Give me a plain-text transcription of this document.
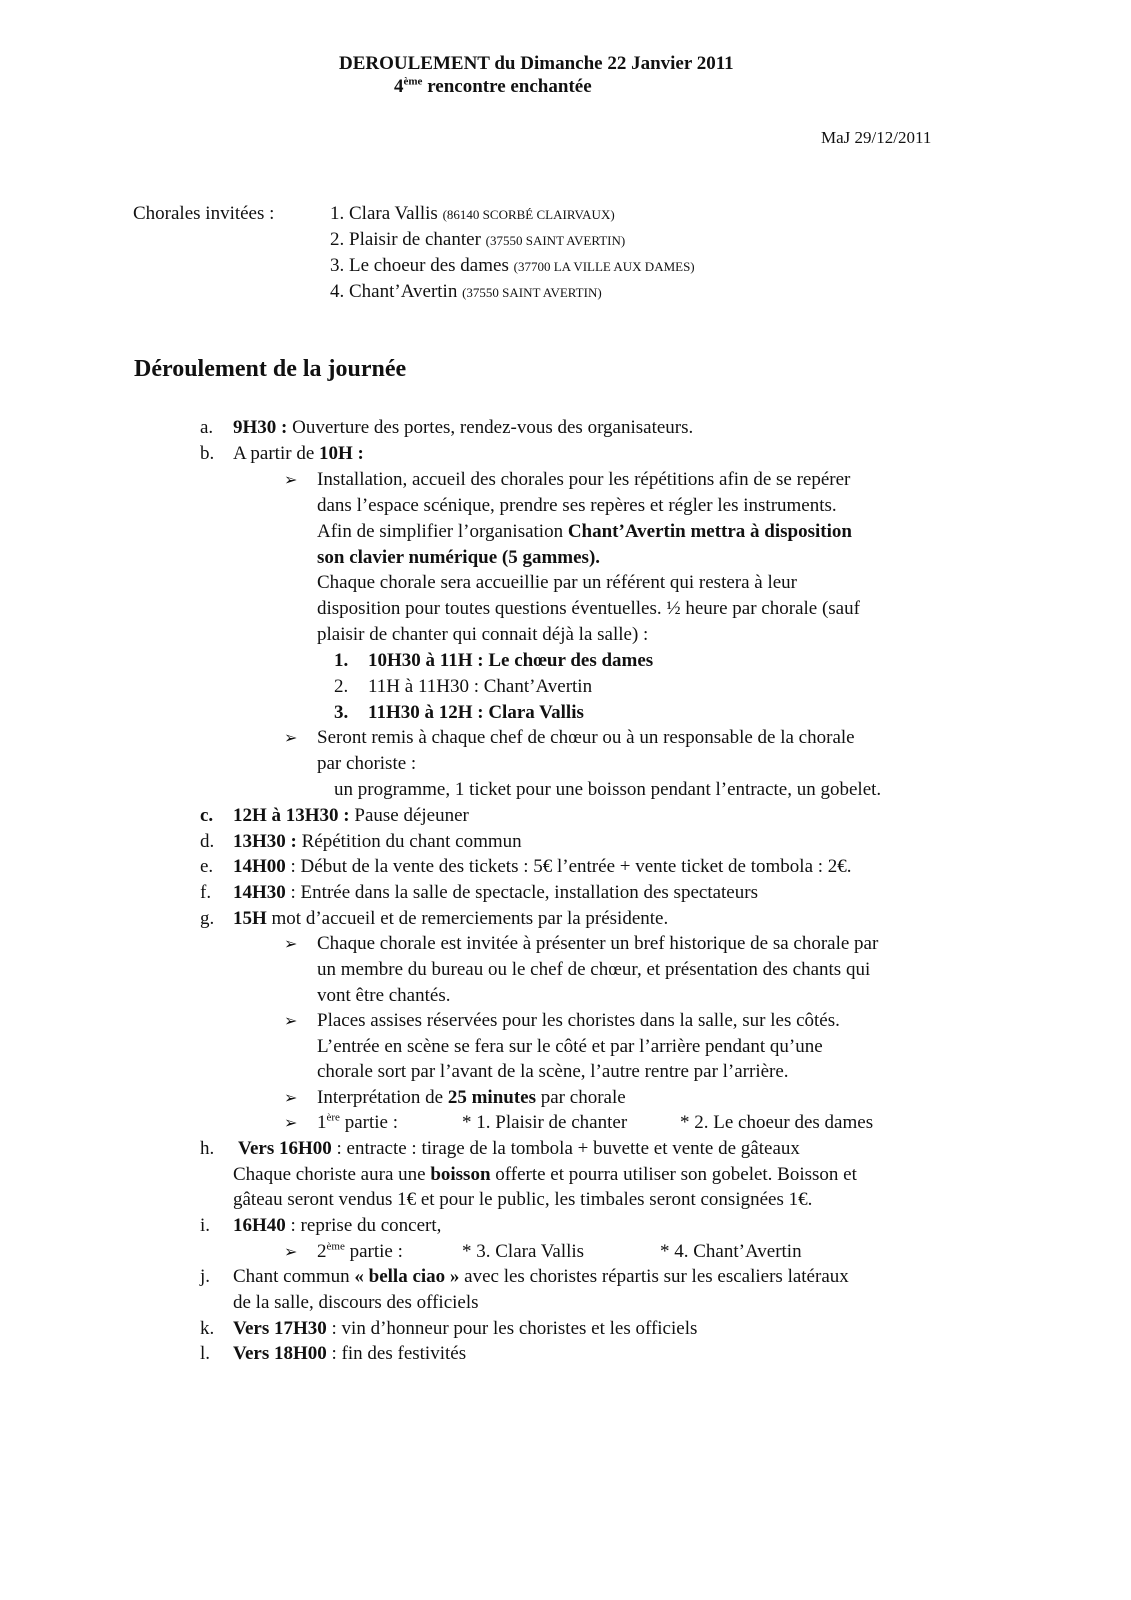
DEROULEMENT du Dimanche 22 Janvier 2011
4ème rencontre enchantée
MaJ 29/12/2011
Chorales invitées :	1. Clara Vallis (86140 SCORBÉ CLAIRVAUX)
2. Plaisir de chanter (37550 SAINT AVERTIN)
3. Le choeur des dames (37700 LA VILLE AUX DAMES)
4. Chant’Avertin (37550 SAINT AVERTIN)
Déroulement de la journée
a. 9H30 : Ouverture des portes, rendez-vous des organisateurs.
b. A partir de 10H :
➢ Installation, accueil des chorales pour les répétitions afin de se repérer
dans l’espace scénique, prendre ses repères et régler les instruments.
Afin de simplifier l’organisation Chant’Avertin mettra à disposition
son clavier numérique (5 gammes).
Chaque chorale sera accueillie par un référent qui restera à leur
disposition pour toutes questions éventuelles. ½ heure par chorale (sauf
plaisir de chanter qui connait déjà la salle) :
1. 10H30 à 11H : Le chœur des dames
2. 11H à 11H30 : Chant’Avertin
3. 11H30 à 12H : Clara Vallis
➢ Seront remis à chaque chef de chœur ou à un responsable de la chorale
par choriste :
un programme, 1 ticket pour une boisson pendant l’entracte, un gobelet.
c. 12H à 13H30 : Pause déjeuner
d. 13H30 : Répétition du chant commun
e. 14H00 : Début de la vente des tickets : 5€ l’entrée + vente ticket de tombola : 2€.
f. 14H30 : Entrée dans la salle de spectacle, installation des spectateurs
g. 15H mot d’accueil et de remerciements par la présidente.
➢ Chaque chorale est invitée à présenter un bref historique de sa chorale par
un membre du bureau ou le chef de chœur, et présentation des chants qui
vont être chantés.
➢ Places assises réservées pour les choristes dans la salle, sur les côtés.
L’entrée en scène se fera sur le côté et par l’arrière pendant qu’une
chorale sort par l’avant de la scène, l’autre rentre par l’arrière.
➢ Interprétation de 25 minutes par chorale
➢ 1ère partie :	* 1. Plaisir de chanter	* 2. Le choeur des dames
h. Vers 16H00 : entracte : tirage de la tombola + buvette et vente de gâteaux
Chaque choriste aura une boisson offerte et pourra utiliser son gobelet. Boisson et
gâteau seront vendus 1€ et pour le public, les timbales seront consignées 1€.
i. 16H40 : reprise du concert,
➢ 2ème partie :	* 3. Clara Vallis	* 4. Chant’Avertin
j. Chant commun « bella ciao » avec les choristes répartis sur les escaliers latéraux
de la salle, discours des officiels
k. Vers 17H30 : vin d’honneur pour les choristes et les officiels
l. Vers 18H00 : fin des festivités
